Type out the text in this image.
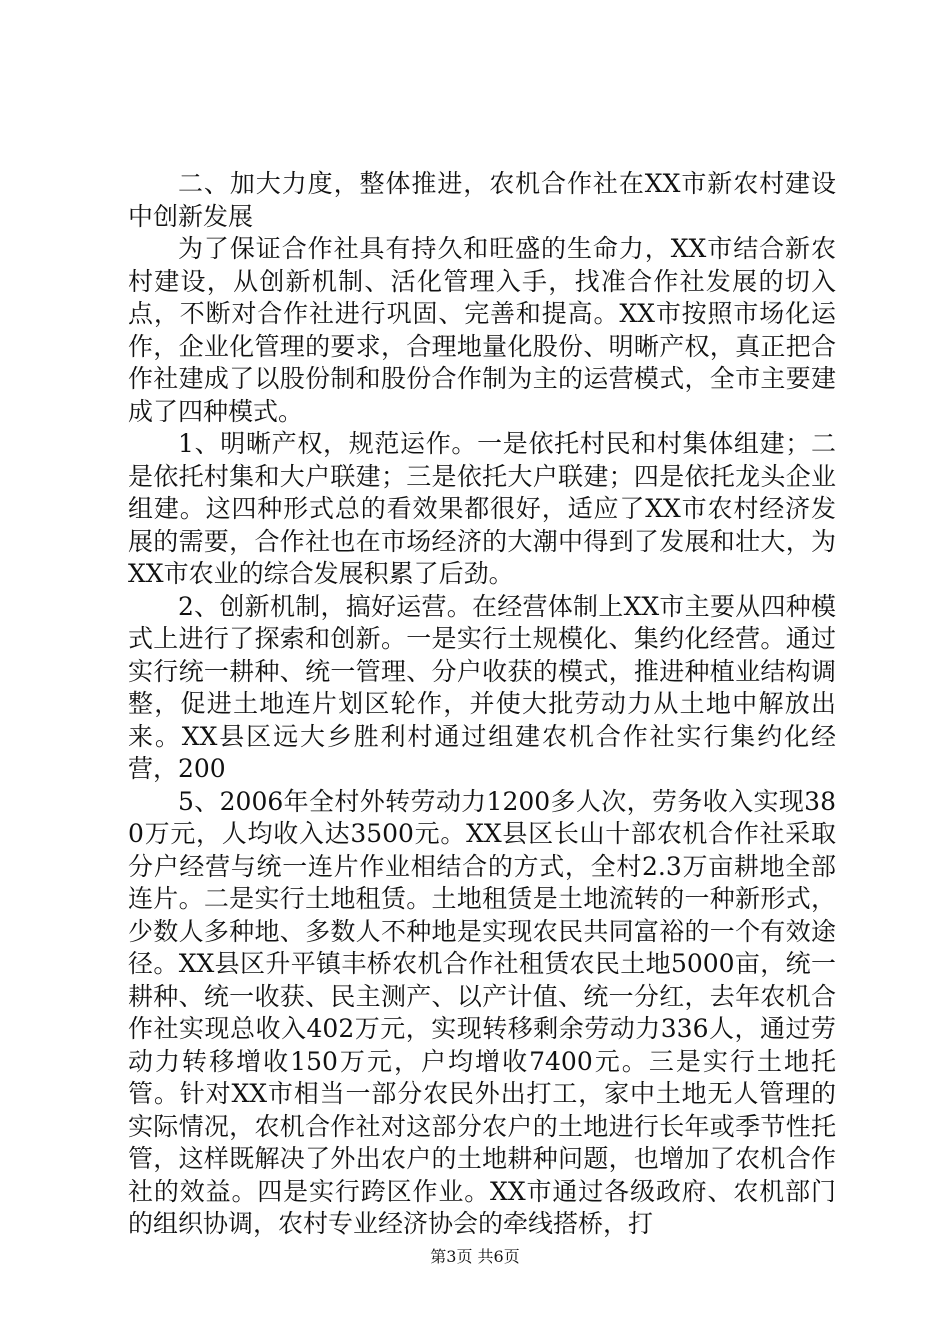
二、加大力度，整体推进，农机合作社在XX市新农村建设中创新发展

为了保证合作社具有持久和旺盛的生命力，XX市结合新农村建设，从创新机制、活化管理入手，找准合作社发展的切入点，不断对合作社进行巩固、完善和提高。XX市按照市场化运作，企业化管理的要求，合理地量化股份、明晰产权，真正把合作社建成了以股份制和股份合作制为主的运营模式，全市主要建成了四种模式。

1、明晰产权，规范运作。一是依托村民和村集体组建；二是依托村集和大户联建；三是依托大户联建；四是依托龙头企业组建。这四种形式总的看效果都很好，适应了XX市农村经济发展的需要，合作社也在市场经济的大潮中得到了发展和壮大，为XX市农业的综合发展积累了后劲。

2、创新机制，搞好运营。在经营体制上XX市主要从四种模式上进行了探索和创新。一是实行土规模化、集约化经营。通过实行统一耕种、统一管理、分户收获的模式，推进种植业结构调整，促进土地连片划区轮作，并使大批劳动力从土地中解放出来。XX县区远大乡胜利村通过组建农机合作社实行集约化经营，200

5、2006年全村外转劳动力1200多人次，劳务收入实现380万元，人均收入达3500元。XX县区长山十部农机合作社采取分户经营与统一连片作业相结合的方式，全村2.3万亩耕地全部连片。二是实行土地租赁。土地租赁是土地流转的一种新形式，少数人多种地、多数人不种地是实现农民共同富裕的一个有效途径。XX县区升平镇丰桥农机合作社租赁农民土地5000亩，统一耕种、统一收获、民主测产、以产计值、统一分红，去年农机合作社实现总收入402万元，实现转移剩余劳动力336人，通过劳动力转移增收150万元，户均增收7400元。三是实行土地托管。针对XX市相当一部分农民外出打工，家中土地无人管理的实际情况，农机合作社对这部分农户的土地进行长年或季节性托管，这样既解决了外出农户的土地耕种问题，也增加了农机合作社的效益。四是实行跨区作业。XX市通过各级政府、农机部门的组织协调，农村专业经济协会的牵线搭桥，打

第3页 共6页
